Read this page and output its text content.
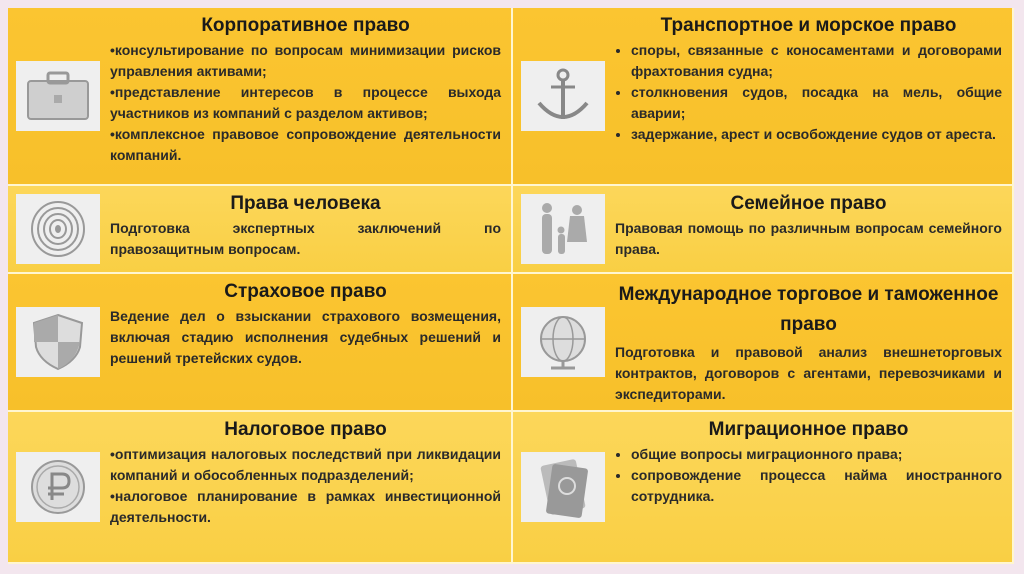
Корпоративное право

•консультирование по вопросам минимизации рисков управления активами;

•представление интересов в процессе выхода участников из компаний с разделом активов;

•комплексное правовое сопровождение деятельности компаний.

Транспортное и морское право
• споры, связанные с коносаментами и договорами фрахтования судна;
• столкновения судов, посадка на мель, общие аварии;
• задержание, арест и освобождение судов от ареста.
Права человека

Подготовка экспертных заключений по правозащитным вопросам.

Семейное право

Правовая помощь по различным вопросам семейного права.

Страховое право

Ведение дел о взыскании страхового возмещения, включая стадию исполнения судебных решений и решений третейских судов.

Международное торговое и таможенное право

Подготовка и правовой анализ внешнеторговых контрактов, договоров с агентами, перевозчиками и экспедиторами.

Налоговое право

•оптимизация налоговых последствий при ликвидации компаний и обособленных подразделений;

•налоговое планирование в рамках инвестиционной деятельности.

Миграционное право
• общие вопросы миграционного права;
• сопровождение процесса найма иностранного сотрудника.
